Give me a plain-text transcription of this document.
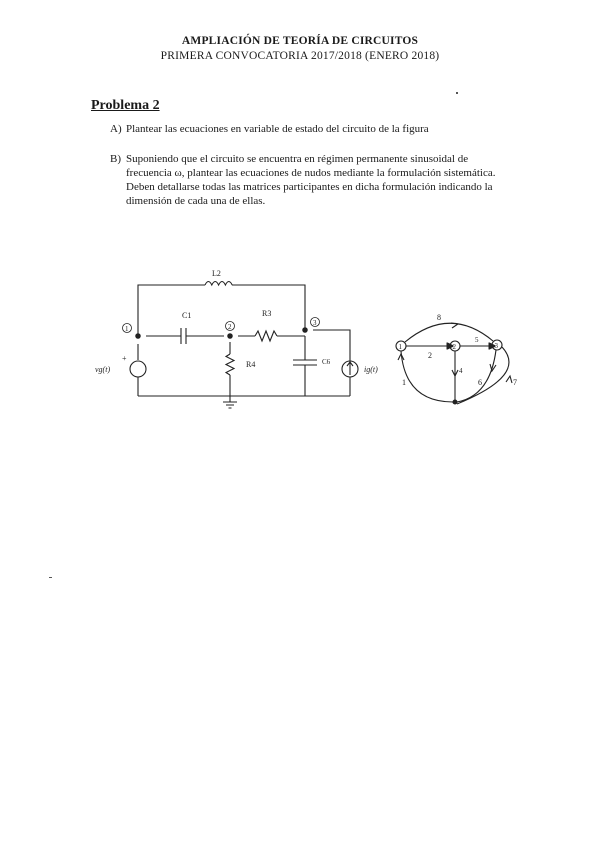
AMPLIACIÓN DE TEORÍA DE CIRCUITOS
PRIMERA CONVOCATORIA 2017/2018 (ENERO 2018)
Problema 2
A) Plantear las ecuaciones en variable de estado del circuito de la figura
B) Suponiendo que el circuito se encuentra en régimen permanente sinusoidal de frecuencia ω, plantear las ecuaciones de nudos mediante la formulación sistemática. Deben detallarse todas las matrices participantes en dicha formulación indicando la dimensión de cada una de ellas.
L2
C1	R3
+
vg(t)
R4	C6
ig(t)
1	2	3
1	2	3
8
2
5
4
1	6	7
